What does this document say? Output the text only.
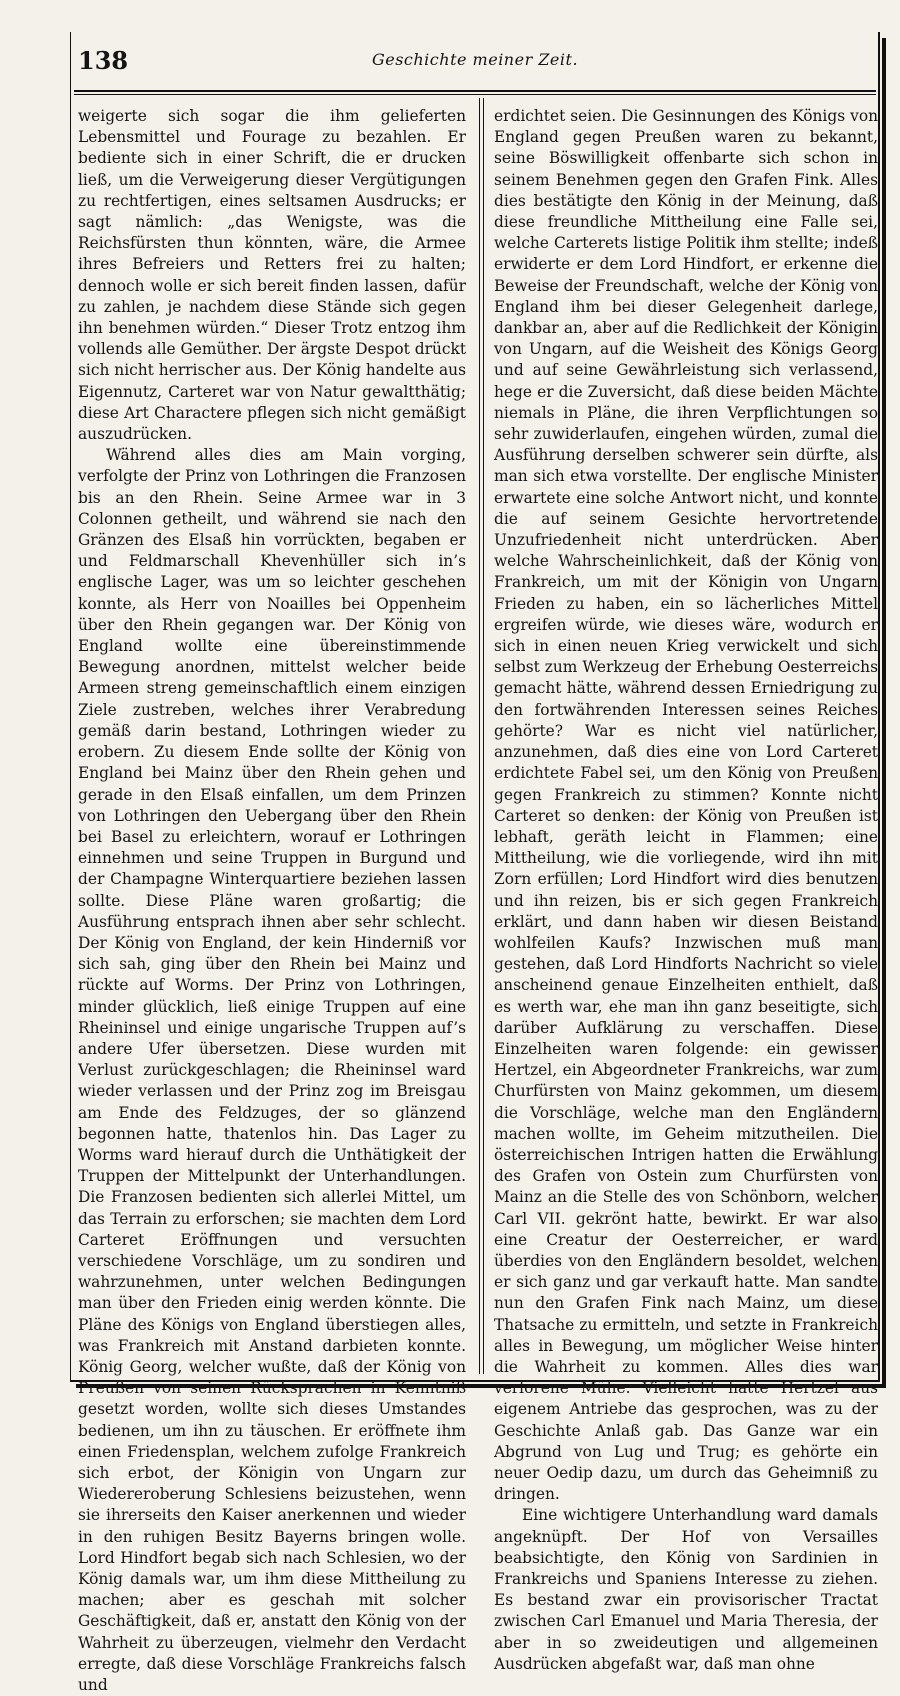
138	Geschichte meiner Zeit.

weigerte sich sogar die ihm gelieferten Lebensmittel und Fourage zu bezahlen. Er bediente sich in einer Schrift, die er drucken ließ, um die Verweigerung dieser Vergütigungen zu rechtfertigen, eines seltsamen Ausdrucks; er sagt nämlich: „das Wenigste, was die Reichsfürsten thun könnten, wäre, die Armee ihres Befreiers und Retters frei zu halten; dennoch wolle er sich bereit finden lassen, dafür zu zahlen, je nachdem diese Stände sich gegen ihn benehmen würden.“ Dieser Trotz entzog ihm vollends alle Gemüther. Der ärgste Despot drückt sich nicht herrischer aus. Der König handelte aus Eigennutz, Carteret war von Natur gewaltthätig; diese Art Charactere pflegen sich nicht gemäßigt auszudrücken.

Während alles dies am Main vorging, verfolgte der Prinz von Lothringen die Franzosen bis an den Rhein. Seine Armee war in 3 Colonnen getheilt, und während sie nach den Gränzen des Elsaß hin vorrückten, begaben er und Feldmarschall Khevenhüller sich in’s englische Lager, was um so leichter geschehen konnte, als Herr von Noailles bei Oppenheim über den Rhein gegangen war. Der König von England wollte eine übereinstimmende Bewegung anordnen, mittelst welcher beide Armeen streng gemeinschaftlich einem einzigen Ziele zustreben, welches ihrer Verabredung gemäß darin bestand, Lothringen wieder zu erobern. Zu diesem Ende sollte der König von England bei Mainz über den Rhein gehen und gerade in den Elsaß einfallen, um dem Prinzen von Lothringen den Uebergang über den Rhein bei Basel zu erleichtern, worauf er Lothringen einnehmen und seine Truppen in Burgund und der Champagne Winterquartiere beziehen lassen sollte. Diese Pläne waren großartig; die Ausführung entsprach ihnen aber sehr schlecht. Der König von England, der kein Hinderniß vor sich sah, ging über den Rhein bei Mainz und rückte auf Worms. Der Prinz von Lothringen, minder glücklich, ließ einige Truppen auf eine Rheininsel und einige ungarische Truppen auf’s andere Ufer übersetzen. Diese wurden mit Verlust zurückgeschlagen; die Rheininsel ward wieder verlassen und der Prinz zog im Breisgau am Ende des Feldzuges, der so glänzend begonnen hatte, thatenlos hin. Das Lager zu Worms ward hierauf durch die Unthätigkeit der Truppen der Mittelpunkt der Unterhandlungen. Die Franzosen bedienten sich allerlei Mittel, um das Terrain zu erforschen; sie machten dem Lord Carteret Eröffnungen und versuchten verschiedene Vorschläge, um zu sondiren und wahrzunehmen, unter welchen Bedingungen man über den Frieden einig werden könnte. Die Pläne des Königs von England überstiegen alles, was Frankreich mit Anstand darbieten konnte. König Georg, welcher wußte, daß der König von Preußen von seinen Rücksprachen in Kenntniß gesetzt worden, wollte sich dieses Umstandes bedienen, um ihn zu täuschen. Er eröffnete ihm einen Friedensplan, welchem zufolge Frankreich sich erbot, der Königin von Ungarn zur Wiedereroberung Schlesiens beizustehen, wenn sie ihrerseits den Kaiser anerkennen und wieder in den ruhigen Besitz Bayerns bringen wolle. Lord Hindfort begab sich nach Schlesien, wo der König damals war, um ihm diese Mittheilung zu machen; aber es geschah mit solcher Geschäftigkeit, daß er, anstatt den König von der Wahrheit zu überzeugen, vielmehr den Verdacht erregte, daß diese Vorschläge Frankreichs falsch und

erdichtet seien. Die Gesinnungen des Königs von England gegen Preußen waren zu bekannt, seine Böswilligkeit offenbarte sich schon in seinem Benehmen gegen den Grafen Fink. Alles dies bestätigte den König in der Meinung, daß diese freundliche Mittheilung eine Falle sei, welche Carterets listige Politik ihm stellte; indeß erwiderte er dem Lord Hindfort, er erkenne die Beweise der Freundschaft, welche der König von England ihm bei dieser Gelegenheit darlege, dankbar an, aber auf die Redlichkeit der Königin von Ungarn, auf die Weisheit des Königs Georg und auf seine Gewährleistung sich verlassend, hege er die Zuversicht, daß diese beiden Mächte niemals in Pläne, die ihren Verpflichtungen so sehr zuwiderlaufen, eingehen würden, zumal die Ausführung derselben schwerer sein dürfte, als man sich etwa vorstellte. Der englische Minister erwartete eine solche Antwort nicht, und konnte die auf seinem Gesichte hervortretende Unzufriedenheit nicht unterdrücken. Aber welche Wahrscheinlichkeit, daß der König von Frankreich, um mit der Königin von Ungarn Frieden zu haben, ein so lächerliches Mittel ergreifen würde, wie dieses wäre, wodurch er sich in einen neuen Krieg verwickelt und sich selbst zum Werkzeug der Erhebung Oesterreichs gemacht hätte, während dessen Erniedrigung zu den fortwährenden Interessen seines Reiches gehörte? War es nicht viel natürlicher, anzunehmen, daß dies eine von Lord Carteret erdichtete Fabel sei, um den König von Preußen gegen Frankreich zu stimmen? Konnte nicht Carteret so denken: der König von Preußen ist lebhaft, geräth leicht in Flammen; eine Mittheilung, wie die vorliegende, wird ihn mit Zorn erfüllen; Lord Hindfort wird dies benutzen und ihn reizen, bis er sich gegen Frankreich erklärt, und dann haben wir diesen Beistand wohlfeilen Kaufs? Inzwischen muß man gestehen, daß Lord Hindforts Nachricht so viele anscheinend genaue Einzelheiten enthielt, daß es werth war, ehe man ihn ganz beseitigte, sich darüber Aufklärung zu verschaffen. Diese Einzelheiten waren folgende: ein gewisser Hertzel, ein Abgeordneter Frankreichs, war zum Churfürsten von Mainz gekommen, um diesem die Vorschläge, welche man den Engländern machen wollte, im Geheim mitzutheilen. Die österreichischen Intrigen hatten die Erwählung des Grafen von Ostein zum Churfürsten von Mainz an die Stelle des von Schönborn, welcher Carl VII. gekrönt hatte, bewirkt. Er war also eine Creatur der Oesterreicher, er ward überdies von den Engländern besoldet, welchen er sich ganz und gar verkauft hatte. Man sandte nun den Grafen Fink nach Mainz, um diese Thatsache zu ermitteln, und setzte in Frankreich alles in Bewegung, um möglicher Weise hinter die Wahrheit zu kommen. Alles dies war verlorene Mühe. Vielleicht hatte Hertzel aus eigenem Antriebe das gesprochen, was zu der Geschichte Anlaß gab. Das Ganze war ein Abgrund von Lug und Trug; es gehörte ein neuer Oedip dazu, um durch das Geheimniß zu dringen.

Eine wichtigere Unterhandlung ward damals angeknüpft. Der Hof von Versailles beabsichtigte, den König von Sardinien in Frankreichs und Spaniens Interesse zu ziehen. Es bestand zwar ein provisorischer Tractat zwischen Carl Emanuel und Maria Theresia, der aber in so zweideutigen und allgemeinen Ausdrücken abgefaßt war, daß man ohne
